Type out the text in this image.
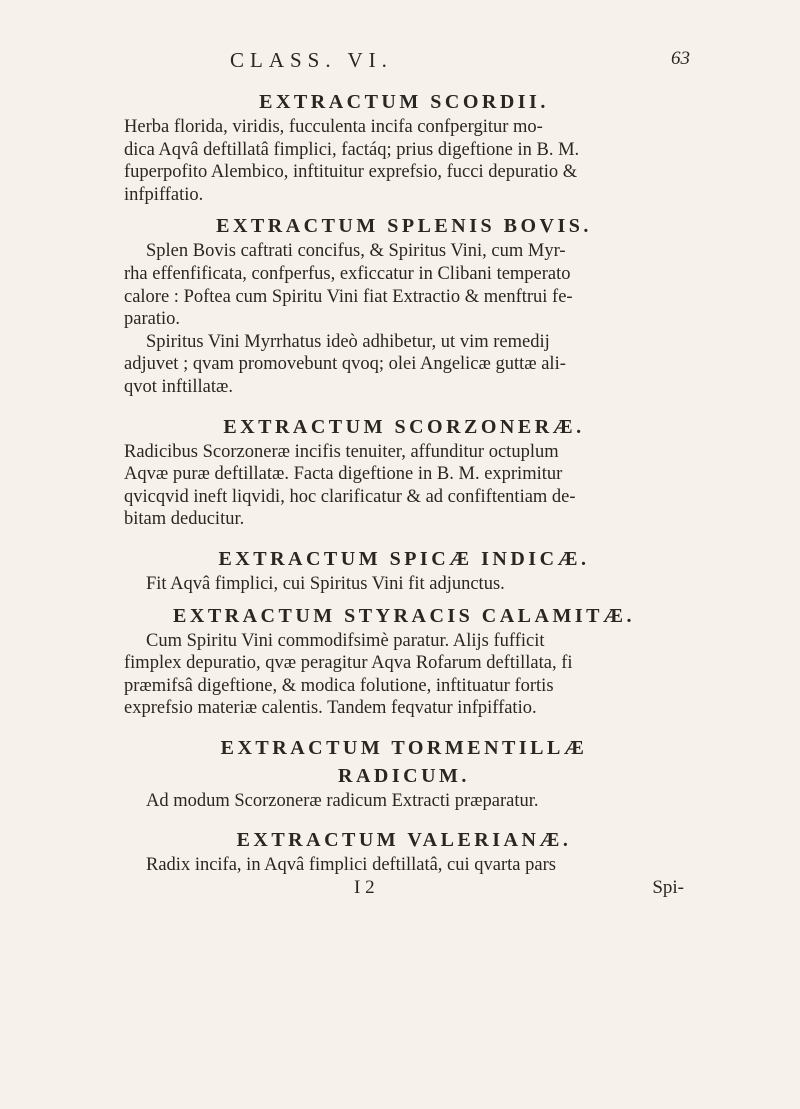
CLASS. VI.	63
EXTRACTUM SCORDII.

Herba florida, viridis, fucculenta incifa confpergitur mo-
dica Aqvâ deftillatâ fimplici, factáq; prius digeftione in B. M.
fuperpofito Alembico, inftituitur exprefsio, fucci depuratio &
infpiffatio.

EXTRACTUM SPLENIS BOVIS.

Splen Bovis caftrati concifus, & Spiritus Vini, cum Myr-
rha effenfificata, confperfus, exficcatur in Clibani temperato
calore : Poftea cum Spiritu Vini fiat Extractio & menftrui fe-
paratio.
Spiritus Vini Myrrhatus ideò adhibetur, ut vim remedij
adjuvet ; qvam promovebunt qvoq; olei Angelicæ guttæ ali-
qvot inftillatæ.

EXTRACTUM SCORZONERÆ.

Radicibus Scorzoneræ incifis tenuiter, affunditur octuplum
Aqvæ puræ deftillatæ. Facta digeftione in B. M. exprimitur
qvicqvid ineft liqvidi, hoc clarificatur & ad confiftentiam de-
bitam deducitur.

EXTRACTUM SPICÆ INDICÆ.

Fit Aqvâ fimplici, cui Spiritus Vini fit adjunctus.

EXTRACTUM STYRACIS CALAMITÆ.

Cum Spiritu Vini commodifsimè paratur. Alijs fufficit
fimplex depuratio, qvæ peragitur Aqva Rofarum deftillata, fi
præmifsâ digeftione, & modica folutione, inftituatur fortis
exprefsio materiæ calentis. Tandem feqvatur infpiffatio.

EXTRACTUM TORMENTILLÆ RADICUM.

Ad modum Scorzoneræ radicum Extracti præparatur.

EXTRACTUM VALERIANÆ.

Radix incifa, in Aqvâ fimplici deftillatâ, cui qvarta pars

I 2	Spi-
